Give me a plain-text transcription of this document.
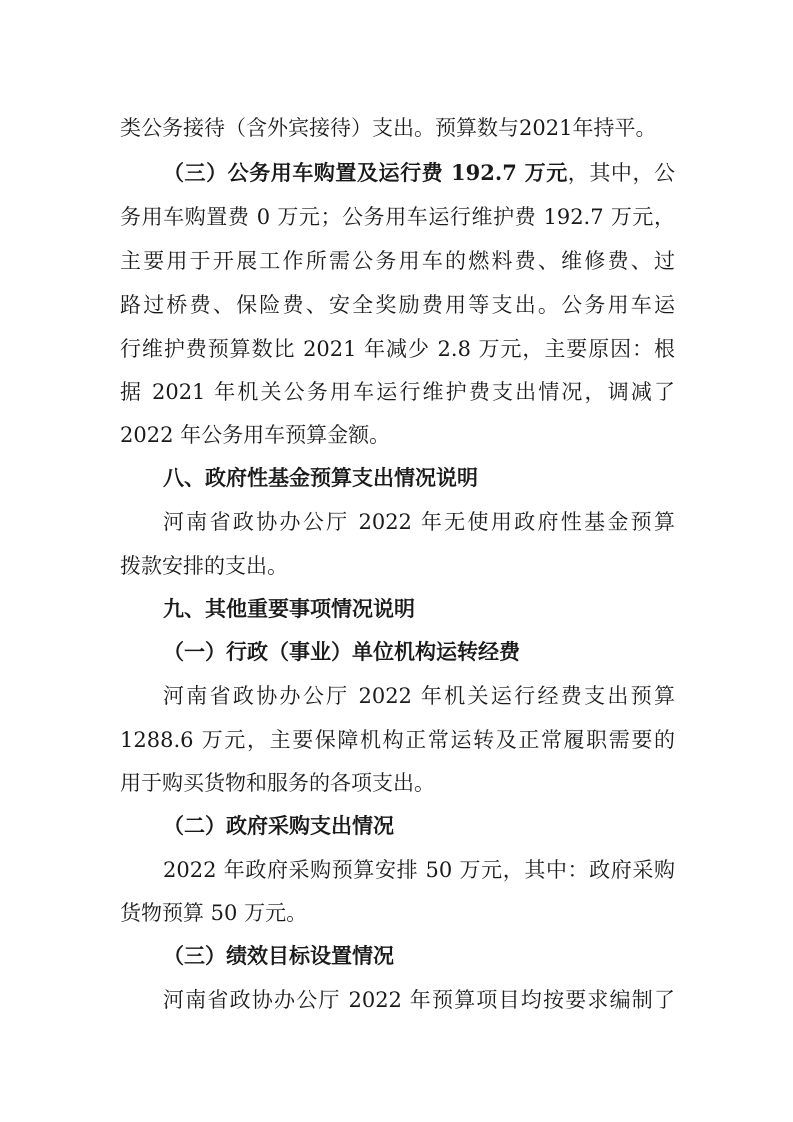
类公务接待（含外宾接待）支出。预算数与2021年持平。
（三）公务用车购置及运行费 192.7 万元，其中，公
务用车购置费 0 万元；公务用车运行维护费 192.7 万元，
主要用于开展工作所需公务用车的燃料费、维修费、过
路过桥费、保险费、安全奖励费用等支出。公务用车运
行维护费预算数比 2021 年减少 2.8 万元，主要原因：根
据 2021 年机关公务用车运行维护费支出情况，调减了
2022 年公务用车预算金额。
八、政府性基金预算支出情况说明
河南省政协办公厅 2022 年无使用政府性基金预算
拨款安排的支出。
九、其他重要事项情况说明
（一）行政（事业）单位机构运转经费
河南省政协办公厅 2022 年机关运行经费支出预算
1288.6 万元，主要保障机构正常运转及正常履职需要的
用于购买货物和服务的各项支出。
（二）政府采购支出情况
2022 年政府采购预算安排 50 万元，其中：政府采购
货物预算 50 万元。
（三）绩效目标设置情况
河南省政协办公厅 2022 年预算项目均按要求编制了
